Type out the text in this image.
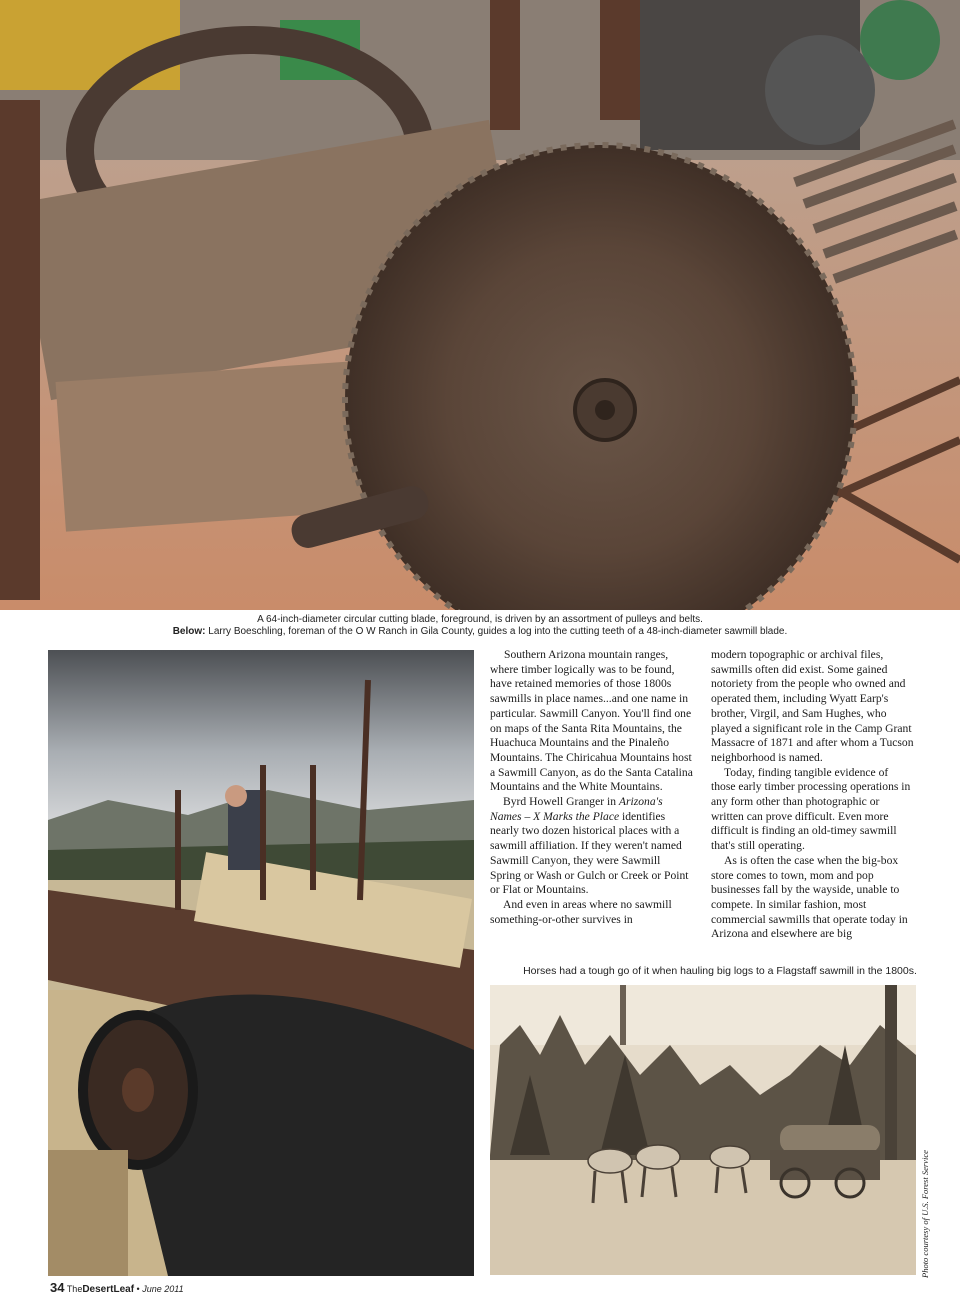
A 64-inch-diameter circular cutting blade, foreground, is driven by an assortment of pulleys and belts.
Below: Larry Boeschling, foreman of the O W Ranch in Gila County, guides a log into the cutting teeth of a 48-inch-diameter sawmill blade.

Southern Arizona mountain ranges, where timber logically was to be found, have retained memories of those 1800s sawmills in place names...and one name in particular. Sawmill Canyon. You'll find one on maps of the Santa Rita Mountains, the Huachuca Mountains and the Pinaleño Mountains. The Chiricahua Mountains host a Sawmill Canyon, as do the Santa Catalina Mountains and the White Mountains.

Byrd Howell Granger in Arizona's Names – X Marks the Place identifies nearly two dozen historical places with a sawmill affiliation. If they weren't named Sawmill Canyon, they were Sawmill Spring or Wash or Gulch or Creek or Point or Flat or Mountains.

And even in areas where no sawmill something-or-other survives in

modern topographic or archival files, sawmills often did exist. Some gained notoriety from the people who owned and operated them, including Wyatt Earp's brother, Virgil, and Sam Hughes, who played a significant role in the Camp Grant Massacre of 1871 and after whom a Tucson neighborhood is named.

Today, finding tangible evidence of those early timber processing operations in any form other than photographic or written can prove difficult. Even more difficult is finding an old-timey sawmill that's still operating.

As is often the case when the big-box store comes to town, mom and pop businesses fall by the wayside, unable to compete. In similar fashion, most commercial sawmills that operate today in Arizona and elsewhere are big

Horses had a tough go of it when hauling big logs to a Flagstaff sawmill in the 1800s.
Photo courtesy of U.S. Forest Service
34 TheDesertLeaf • June 2011
